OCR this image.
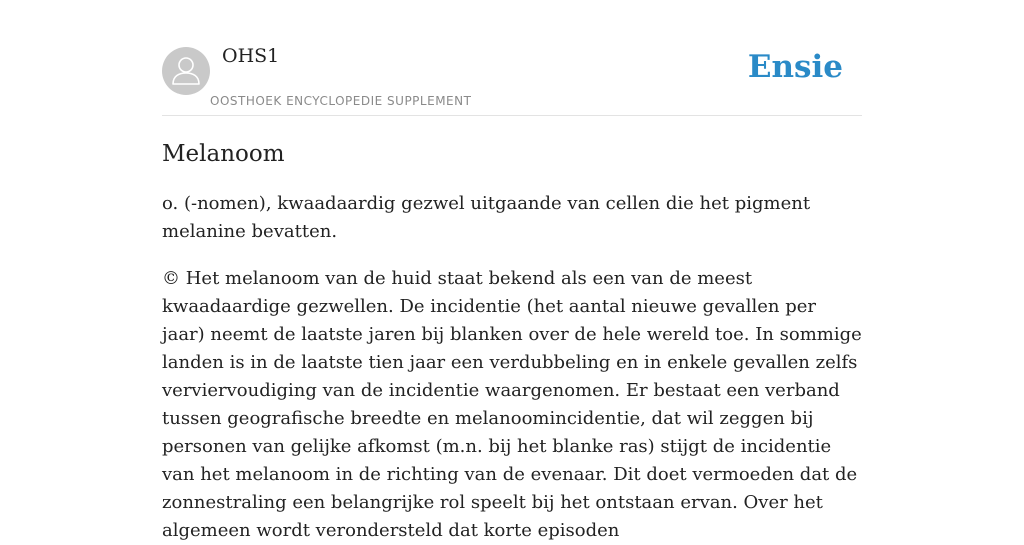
OHS1
OOSTHOEK ENCYCLOPEDIE SUPPLEMENT
Ensie
Melanoom

o. (-nomen), kwaadaardig gezwel uitgaande van cellen die het pigment melanine bevatten.

© Het melanoom van de huid staat bekend als een van de meest kwaadaardige gezwellen. De incidentie (het aantal nieuwe gevallen per jaar) neemt de laatste jaren bij blanken over de hele wereld toe. In sommige landen is in de laatste tien jaar een verdubbeling en in enkele gevallen zelfs verviervoudiging van de incidentie waargenomen. Er bestaat een verband tussen geografische breedte en melanoomincidentie, dat wil zeggen bij personen van gelijke afkomst (m.n. bij het blanke ras) stijgt de incidentie van het melanoom in de richting van de evenaar. Dit doet vermoeden dat de zonnestraling een belangrijke rol speelt bij het ontstaan ervan. Over het algemeen wordt verondersteld dat korte episoden
